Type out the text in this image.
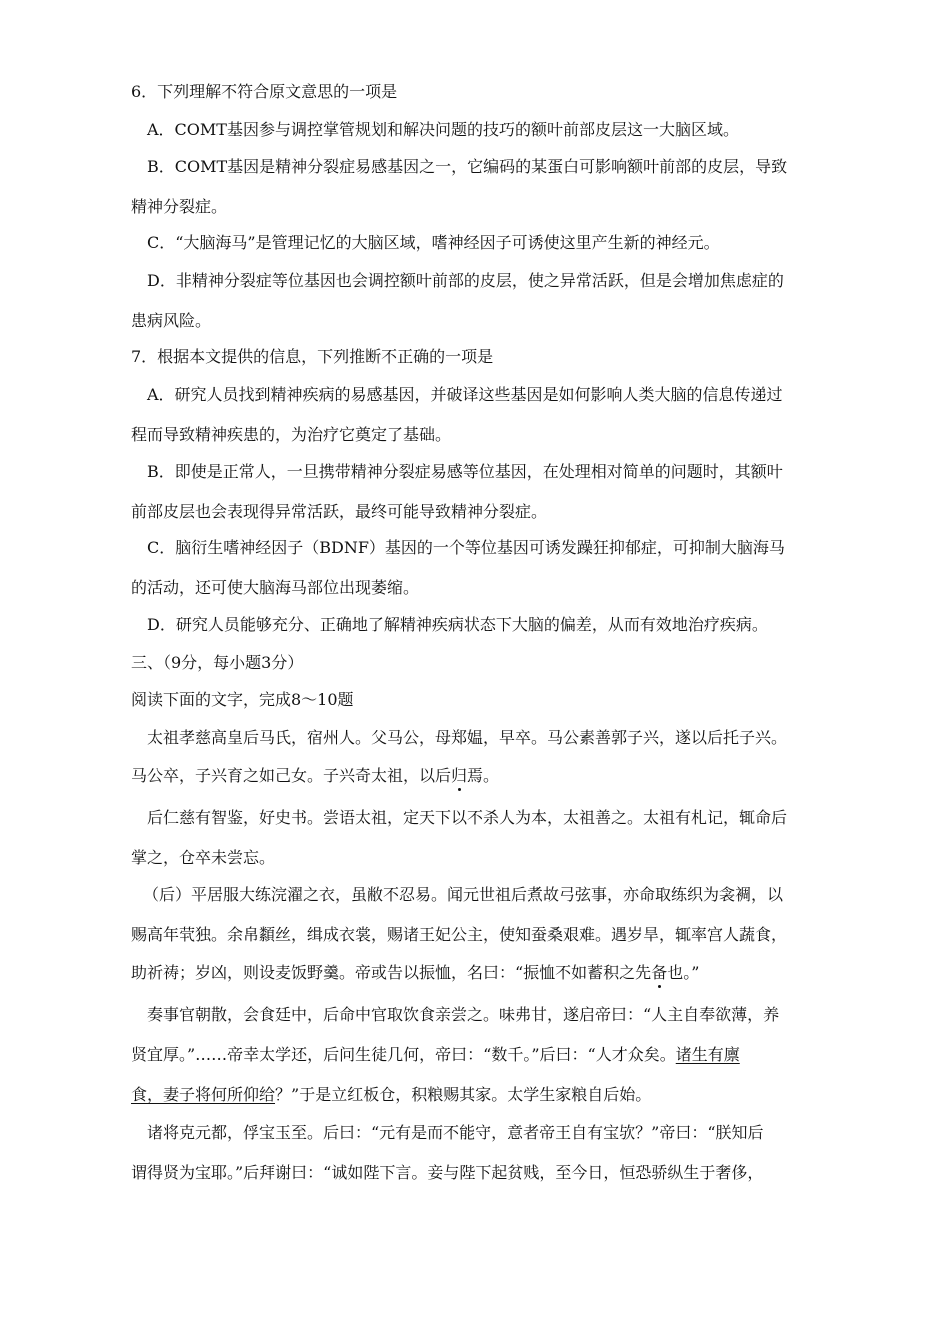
6．下列理解不符合原文意思的一项是
A．COMT基因参与调控掌管规划和解决问题的技巧的额叶前部皮层这一大脑区域。
B．COMT基因是精神分裂症易感基因之一，它编码的某蛋白可影响额叶前部的皮层，导致
精神分裂症。
C．“大脑海马”是管理记忆的大脑区域，嗜神经因子可诱使这里产生新的神经元。
D．非精神分裂症等位基因也会调控额叶前部的皮层，使之异常活跃，但是会增加焦虑症的
患病风险。
7．根据本文提供的信息，下列推断不正确的一项是
A．研究人员找到精神疾病的易感基因，并破译这些基因是如何影响人类大脑的信息传递过
程而导致精神疾患的，为治疗它奠定了基础。
B．即使是正常人，一旦携带精神分裂症易感等位基因，在处理相对简单的问题时，其额叶
前部皮层也会表现得异常活跃，最终可能导致精神分裂症。
C．脑衍生嗜神经因子（BDNF）基因的一个等位基因可诱发躁狂抑郁症，可抑制大脑海马
的活动，还可使大脑海马部位出现萎缩。
D．研究人员能够充分、正确地了解精神疾病状态下大脑的偏差，从而有效地治疗疾病。
三、（9分，每小题3分）
阅读下面的文字，完成8～10题
太祖孝慈高皇后马氏，宿州人。父马公，母郑媪，早卒。马公素善郭子兴，遂以后托子兴。
马公卒，子兴育之如己女。子兴奇太祖，以后归焉。
后仁慈有智鉴，好史书。尝语太祖，定天下以不杀人为本，太祖善之。太祖有札记，辄命后
掌之，仓卒未尝忘。
（后）平居服大练浣濯之衣，虽敝不忍易。闻元世祖后煮故弓弦事，亦命取练织为衾裯，以
赐高年茕独。余帛纇丝，缉成衣裳，赐诸王妃公主，使知蚕桑艰难。遇岁旱，辄率宫人蔬食，
助祈祷；岁凶，则设麦饭野羹。帝或告以振恤，名曰：“振恤不如蓄积之先备也。”
奏事官朝散，会食廷中，后命中官取饮食亲尝之。味弗甘，遂启帝曰：“人主自奉欲薄，养
贤宜厚。”……帝幸太学还，后问生徒几何，帝曰：“数千。”后曰：“人才众矣。诸生有廪
食，妻子将何所仰给？”于是立红板仓，积粮赐其家。太学生家粮自后始。
诸将克元都，俘宝玉至。后曰：“元有是而不能守，意者帝王自有宝欤？”帝曰：“朕知后
谓得贤为宝耶。”后拜谢曰：“诚如陛下言。妾与陛下起贫贱，至今日，恒恐骄纵生于奢侈，
